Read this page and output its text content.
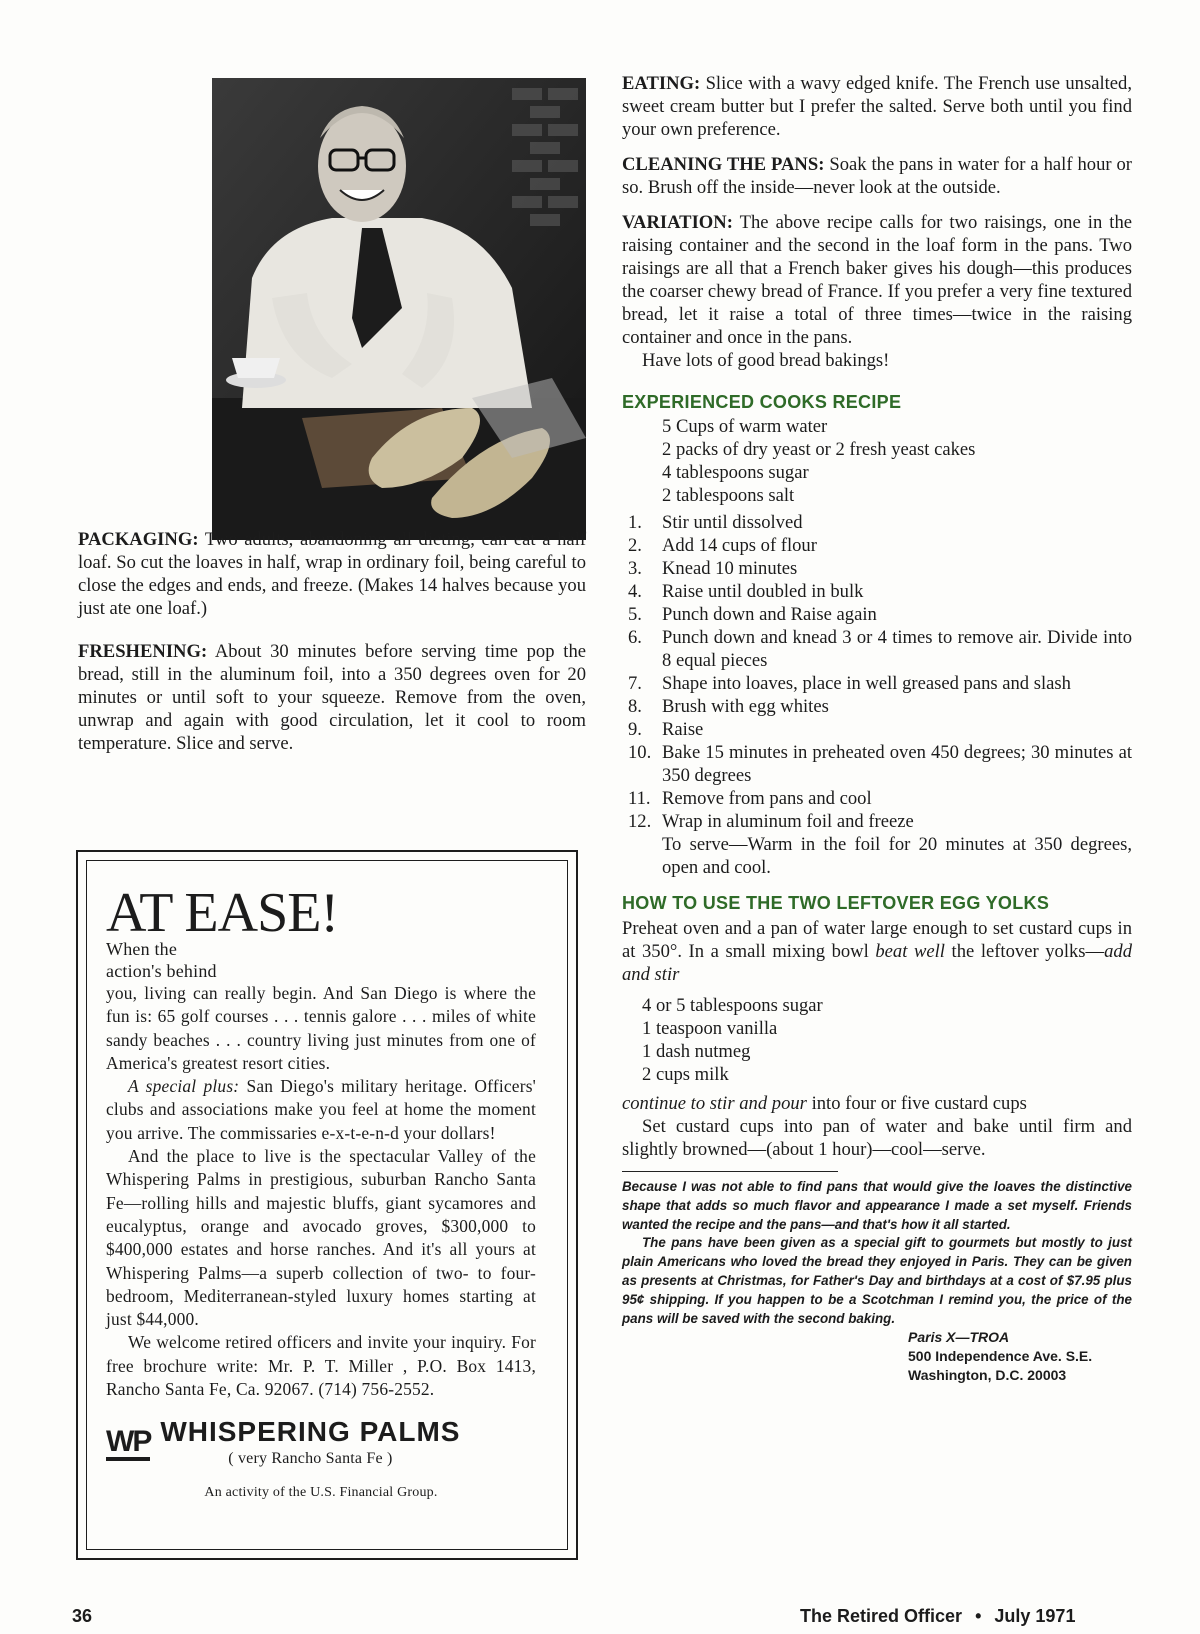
PACKAGING: Two adults, abandoning all dieting, can eat a half loaf. So cut the loaves in half, wrap in ordinary foil, being careful to close the edges and ends, and freeze. (Makes 14 halves because you just ate one loaf.)

FRESHENING: About 30 minutes before serving time pop the bread, still in the aluminum foil, into a 350 degrees oven for 20 minutes or until soft to your squeeze. Remove from the oven, unwrap and again with good circulation, let it cool to room temperature. Slice and serve.

AT EASE!
When the action's behind

you, living can really begin. And San Diego is where the fun is: 65 golf courses . . . tennis galore . . . miles of white sandy beaches . . . country living just minutes from one of America's greatest resort cities.

A special plus: San Diego's military heritage. Officers' clubs and associations make you feel at home the moment you arrive. The commissaries e-x-t-e-n-d your dollars!

And the place to live is the spectacular Valley of the Whispering Palms in prestigious, suburban Rancho Santa Fe—rolling hills and majestic bluffs, giant sycamores and eucalyptus, orange and avocado groves, $300,000 to $400,000 estates and horse ranches. And it's all yours at Whispering Palms—a superb collection of two- to four-bedroom, Mediterranean-styled luxury homes starting at just $44,000.

We welcome retired officers and invite your inquiry. For free brochure write: Mr. P. T. Miller , P.O. Box 1413, Rancho Santa Fe, Ca. 92067. (714) 756-2552.

WP WHISPERING PALMS
( very Rancho Santa Fe )
An activity of the U.S. Financial Group.

EATING: Slice with a wavy edged knife. The French use unsalted, sweet cream butter but I prefer the salted. Serve both until you find your own preference.

CLEANING THE PANS: Soak the pans in water for a half hour or so. Brush off the inside—never look at the outside.

VARIATION: The above recipe calls for two raisings, one in the raising container and the second in the loaf form in the pans. Two raisings are all that a French baker gives his dough—this produces the coarser chewy bread of France. If you prefer a very fine textured bread, let it raise a total of three times—twice in the raising container and once in the pans.

Have lots of good bread bakings!

EXPERIENCED COOKS RECIPE
5 Cups of warm water
2 packs of dry yeast or 2 fresh yeast cakes
4 tablespoons sugar
2 tablespoons salt
1.	Stir until dissolved
2.	Add 14 cups of flour
3.	Knead 10 minutes
4.	Raise until doubled in bulk
5.	Punch down and Raise again
6.	Punch down and knead 3 or 4 times to remove air. Divide into 8 equal pieces
7.	Shape into loaves, place in well greased pans and slash
8.	Brush with egg whites
9.	Raise
10. Bake 15 minutes in preheated oven 450 degrees; 30 minutes at 350 degrees
11. Remove from pans and cool
12. Wrap in aluminum foil and freeze
To serve—Warm in the foil for 20 minutes at 350 degrees, open and cool.
HOW TO USE THE TWO LEFTOVER EGG YOLKS

Preheat oven and a pan of water large enough to set custard cups in at 350°. In a small mixing bowl beat well the leftover yolks—add and stir

4 or 5 tablespoons sugar
1 teaspoon vanilla
1 dash nutmeg
2 cups milk

continue to stir and pour into four or five custard cups

Set custard cups into pan of water and bake until firm and slightly browned—(about 1 hour)—cool—serve.

Because I was not able to find pans that would give the loaves the distinctive shape that adds so much flavor and appearance I made a set myself. Friends wanted the recipe and the pans—and that's how it all started.

The pans have been given as a special gift to gourmets but mostly to just plain Americans who loved the bread they enjoyed in Paris. They can be given as presents at Christmas, for Father's Day and birthdays at a cost of $7.95 plus 95¢ shipping. If you happen to be a Scotchman I remind you, the price of the pans will be saved with the second baking.

Paris X—TROA
500 Independence Ave. S.E.
Washington, D.C. 20003
36	The Retired Officer • July 1971
